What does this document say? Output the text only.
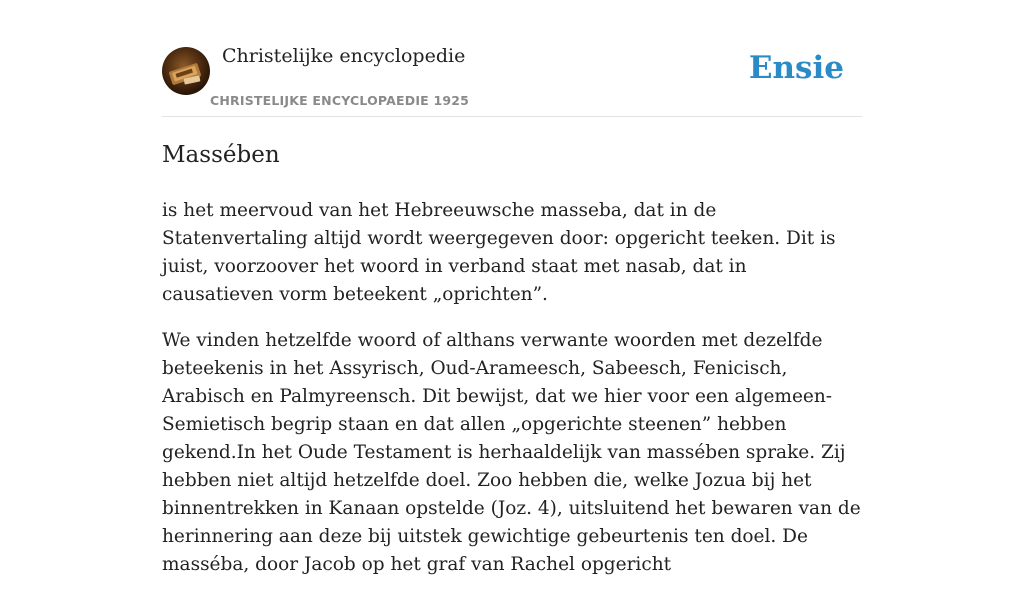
Christelijke encyclopedie
CHRISTELIJKE ENCYCLOPAEDIE 1925
Ensie
Massében

is het meervoud van het Hebreeuwsche masseba, dat in de Statenvertaling altijd wordt weergegeven door: opgericht teeken. Dit is juist, voorzoover het woord in verband staat met nasab, dat in causatieven vorm beteekent „oprichten”.

We vinden hetzelfde woord of althans verwante woorden met dezelfde beteekenis in het Assyrisch, Oud-Arameesch, Sabeesch, Fenicisch, Arabisch en Palmyreensch. Dit bewijst, dat we hier voor een algemeen-Semietisch begrip staan en dat allen „opgerichte steenen” hebben gekend.In het Oude Testament is herhaaldelijk van massében sprake. Zij hebben niet altijd hetzelfde doel. Zoo hebben die, welke Jozua bij het binnentrekken in Kanaan opstelde (Joz. 4), uitsluitend het bewaren van de herinnering aan deze bij uitstek gewichtige gebeurtenis ten doel. De masséba, door Jacob op het graf van Rachel opgericht
